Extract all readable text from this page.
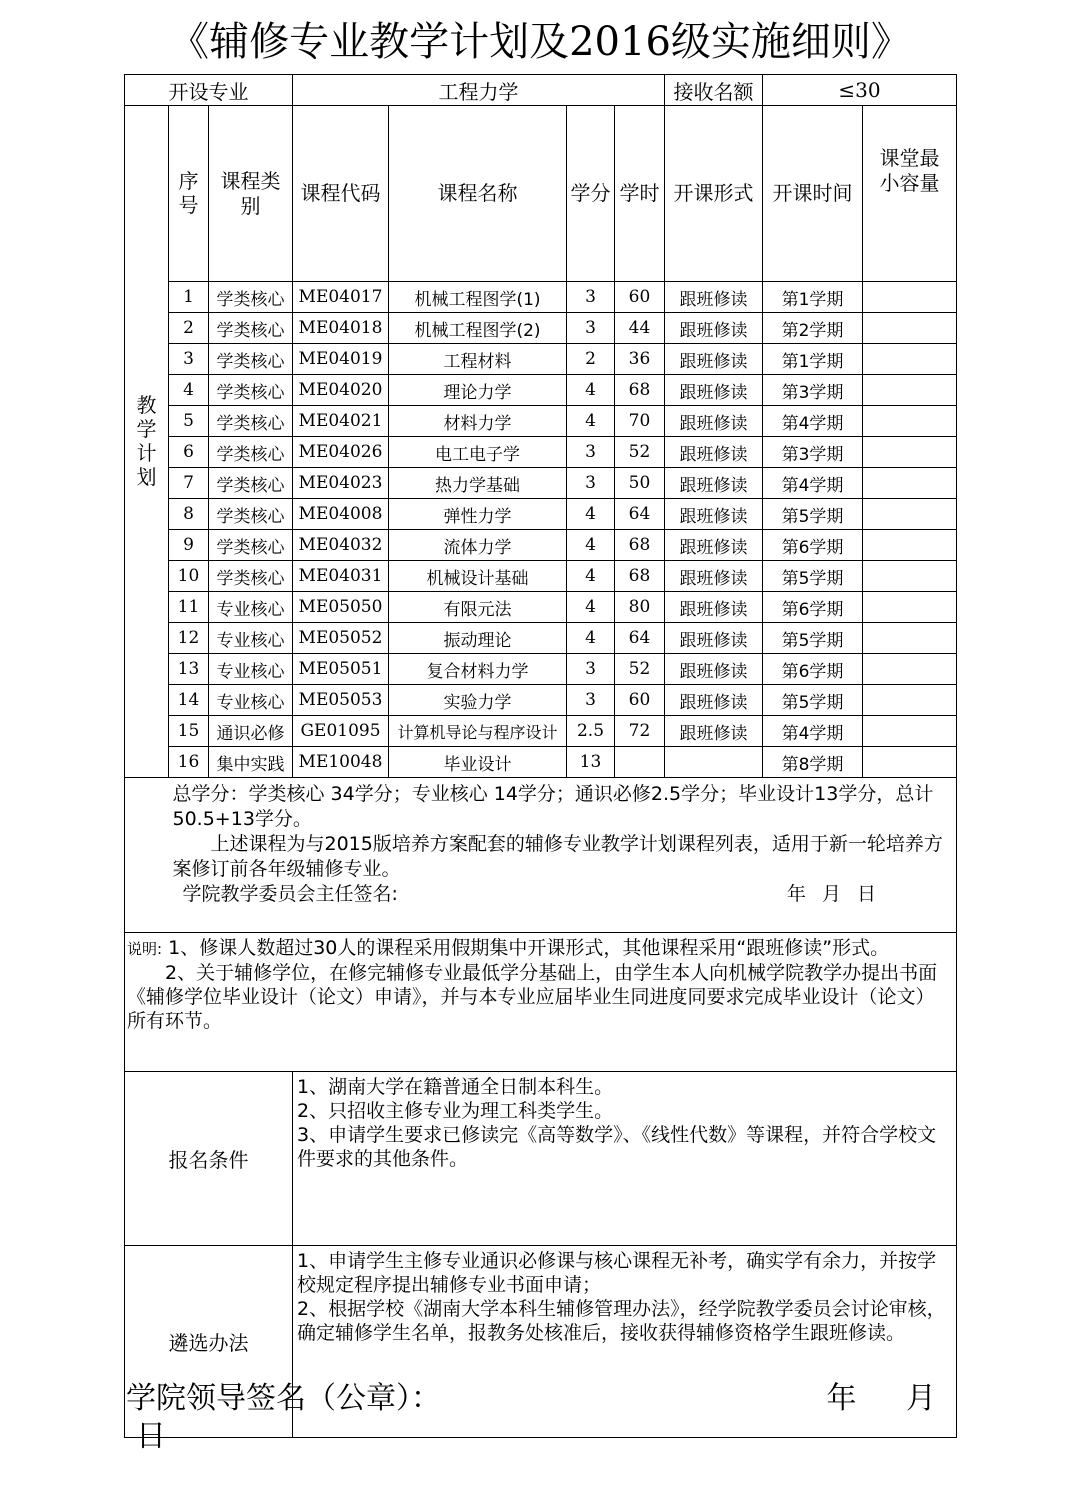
《辅修专业教学计划及2016级实施细则》
开设专业			工程力学				接收名额	≤30	
教学计划	序号	课程类别	课程代码	课程名称	学分	学时	开课形式	开课时间	课堂最小容量
	1	学类核心	ME04017	机械工程图学(1)	3	60	跟班修读	第1学期	
	2	学类核心	ME04018	机械工程图学(2)	3	44	跟班修读	第2学期	
	3	学类核心	ME04019	工程材料	2	36	跟班修读	第1学期	
	4	学类核心	ME04020	理论力学	4	68	跟班修读	第3学期	
	5	学类核心	ME04021	材料力学	4	70	跟班修读	第4学期	
	6	学类核心	ME04026	电工电子学	3	52	跟班修读	第3学期	
	7	学类核心	ME04023	热力学基础	3	50	跟班修读	第4学期	
	8	学类核心	ME04008	弹性力学	4	64	跟班修读	第5学期	
	9	学类核心	ME04032	流体力学	4	68	跟班修读	第6学期	
	10	学类核心	ME04031	机械设计基础	4	68	跟班修读	第5学期	
	11	专业核心	ME05050	有限元法	4	80	跟班修读	第6学期	
	12	专业核心	ME05052	振动理论	4	64	跟班修读	第5学期	
	13	专业核心	ME05051	复合材料力学	3	52	跟班修读	第6学期	
	14	专业核心	ME05053	实验力学	3	60	跟班修读	第5学期	
	15	通识必修	GE01095	计算机导论与程序设计	2.5	72	跟班修读	第4学期	
	16	集中实践	ME10048	毕业设计	13			第8学期	

	总学分：学类核心 34学分；专业核心 14学分；通识必修2.5学分；毕业设计13学分，总计50.5+13学分。

上述课程为与2015版培养方案配套的辅修专业教学计划课程列表，适用于新一轮培养方案修订前各年级辅修专业。

学院教学委员会主任签名: 年 月 日								

说明: 1、修课人数超过30人的课程采用假期集中开课形式，其他课程采用“跟班修读”形式。

2、关于辅修学位，在修完辅修专业最低学分基础上，由学生本人向机械学院教学办提出书面《辅修学位毕业设计（论文）申请》，并与本专业应届毕业生同进度同要求完成毕业设计（论文）所有环节。									

报名条件			1、湖南大学在籍普通全日制本科生。

2、只招收主修专业为理工科类学生。

3、申请学生要求已修读完《高等数学》、《线性代数》等课程，并符合学校文件要求的其他条件。						

遴选办法			1、申请学生主修专业通识必修课与核心课程无补考，确实学有余力，并按学校规定程序提出辅修专业书面申请；

2、根据学校《湖南大学本科生辅修管理办法》，经学院教学委员会讨论审核，确定辅修学生名单，报教务处核准后，接收获得辅修资格学生跟班修读。						

学院领导签名（公章）：	年 月
日
